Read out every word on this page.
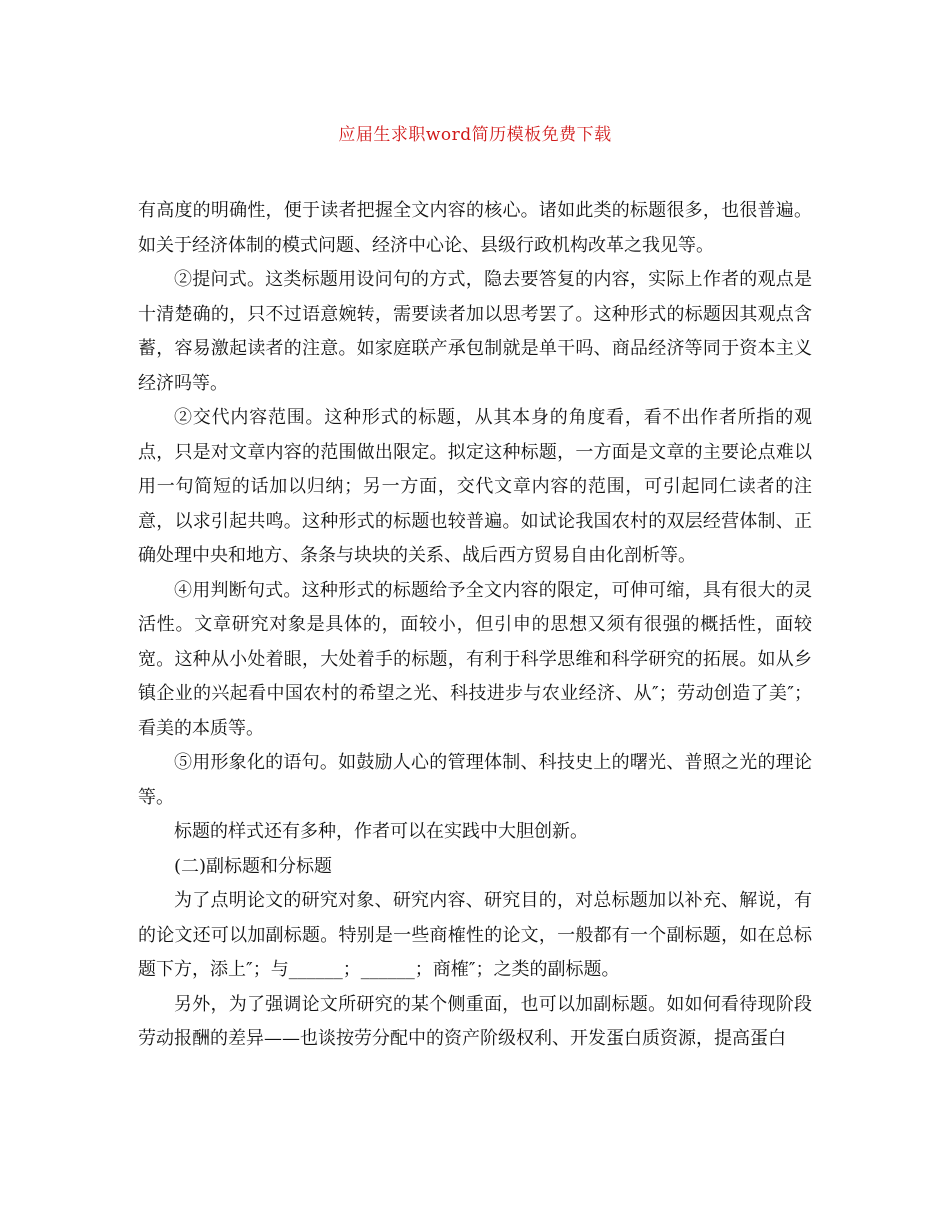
应届生求职word简历模板免费下载

有高度的明确性，便于读者把握全文内容的核心。诸如此类的标题很多，也很普遍。如关于经济体制的模式问题、经济中心论、县级行政机构改革之我见等。

②提问式。这类标题用设问句的方式，隐去要答复的内容，实际上作者的观点是十清楚确的，只不过语意婉转，需要读者加以思考罢了。这种形式的标题因其观点含蓄，容易激起读者的注意。如家庭联产承包制就是单干吗、商品经济等同于资本主义经济吗等。

②交代内容范围。这种形式的标题，从其本身的角度看，看不出作者所指的观点，只是对文章内容的范围做出限定。拟定这种标题，一方面是文章的主要论点难以用一句简短的话加以归纳；另一方面，交代文章内容的范围，可引起同仁读者的注意，以求引起共鸣。这种形式的标题也较普遍。如试论我国农村的双层经营体制、正确处理中央和地方、条条与块块的关系、战后西方贸易自由化剖析等。

④用判断句式。这种形式的标题给予全文内容的限定，可伸可缩，具有很大的灵活性。文章研究对象是具体的，面较小，但引申的思想又须有很强的概括性，面较宽。这种从小处着眼，大处着手的标题，有利于科学思维和科学研究的拓展。如从乡镇企业的兴起看中国农村的希望之光、科技进步与农业经济、从″；劳动创造了美″；看美的本质等。

⑤用形象化的语句。如鼓励人心的管理体制、科技史上的曙光、普照之光的理论等。

标题的样式还有多种，作者可以在实践中大胆创新。

(二)副标题和分标题

为了点明论文的研究对象、研究内容、研究目的，对总标题加以补充、解说，有的论文还可以加副标题。特别是一些商榷性的论文，一般都有一个副标题，如在总标题下方，添上″；与______；______；商榷″；之类的副标题。

另外，为了强调论文所研究的某个侧重面，也可以加副标题。如如何看待现阶段劳动报酬的差异——也谈按劳分配中的资产阶级权利、开发蛋白质资源，提高蛋白
